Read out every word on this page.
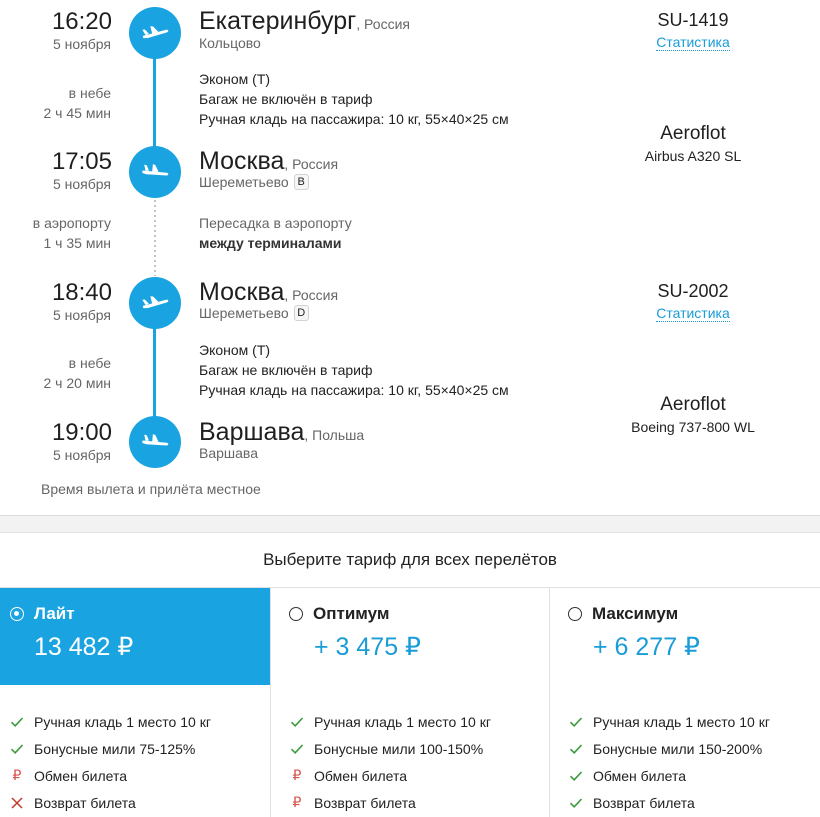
16:20
5 ноября
Екатеринбург, Россия
Кольцово
SU-1419
Статистика
в небе
2 ч 45 мин
Эконом (Т)
Багаж не включён в тариф
Ручная кладь на пассажира: 10 кг, 55×40×25 см
Aeroflot
Airbus A320 SL
17:05
5 ноября
Москва, Россия
Шереметьево B
в аэропорту
1 ч 35 мин
Пересадка в аэропорту
между терминалами
18:40
5 ноября
Москва, Россия
Шереметьево D
SU-2002
Статистика
в небе
2 ч 20 мин
Эконом (Т)
Багаж не включён в тариф
Ручная кладь на пассажира: 10 кг, 55×40×25 см
Aeroflot
Boeing 737-800 WL
19:00
5 ноября
Варшава, Польша
Варшава
Время вылета и прилёта местное
Выберите тариф для всех перелётов
Лайт
13 482 ₽
Ручная кладь 1 место 10 кг
Бонусные мили 75-125%
₽ Обмен билета
Возврат билета
Оптимум
+ 3 475 ₽
Ручная кладь 1 место 10 кг
Бонусные мили 100-150%
₽ Обмен билета
₽ Возврат билета
Максимум
+ 6 277 ₽
Ручная кладь 1 место 10 кг
Бонусные мили 150-200%
Обмен билета
Возврат билета
